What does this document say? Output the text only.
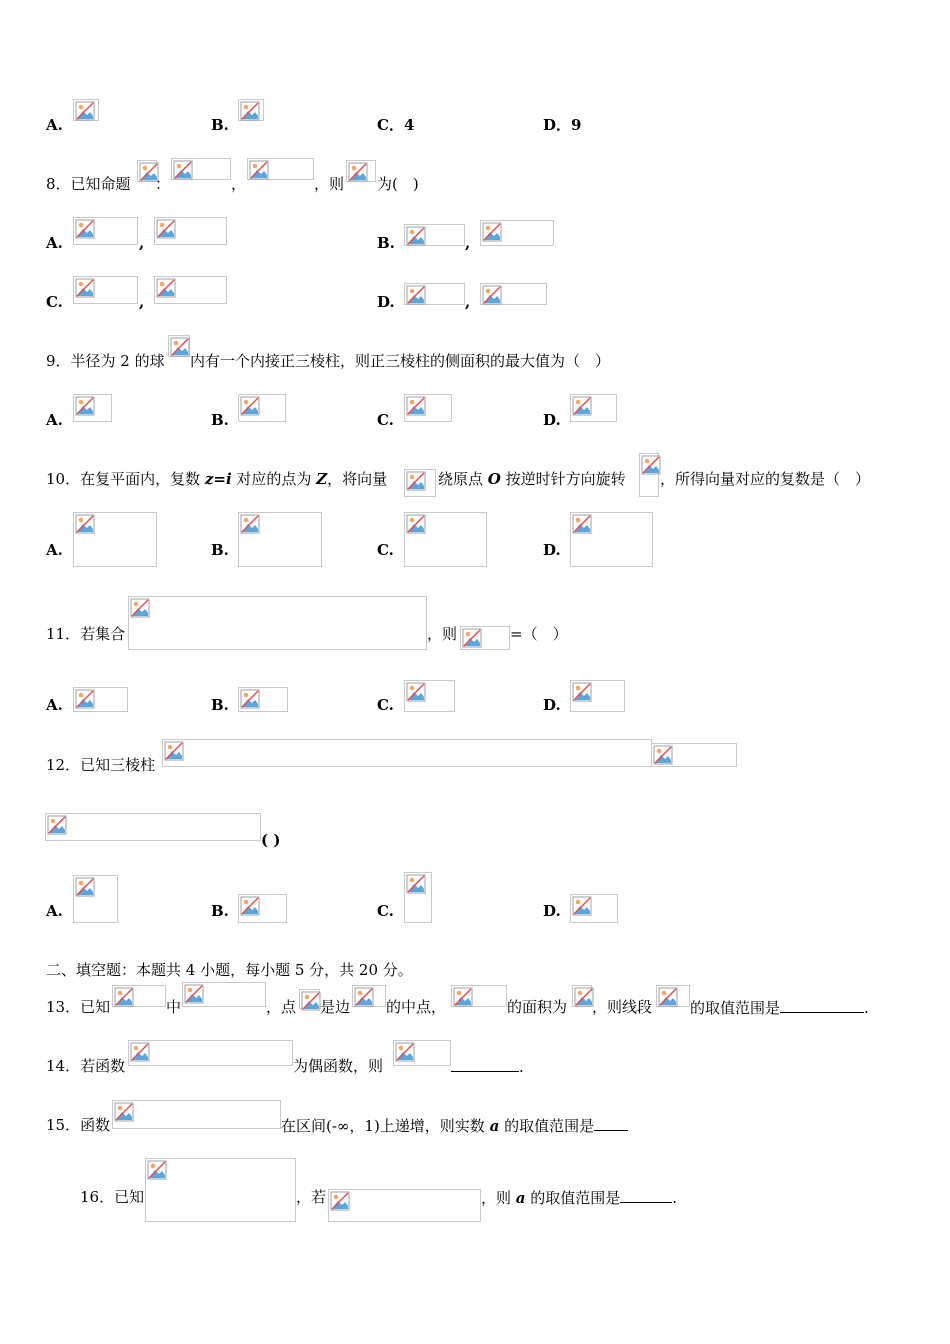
A.	B.	C．4	D．9
8．已知命题 ：	，	，则 为(　)
A.	,	B.	,
C.	,	D.	,
9．半径为 2 的球 内有一个内接正三棱柱，则正三棱柱的侧面积的最大值为（　）
A.	B.	C.	D.
10．在复平面内，复数 z=i 对应的点为 Z，将向量	绕原点 O 按逆时针方向旋转 ，所得向量对应的复数是（　）
A.	B.	C.	D.
11．若集合	，则	=（　）
A.	B.	C.	D.
12．已知三棱柱
( )
A.	B.	C.	D.
二、填空题：本题共 4 小题，每小题 5 分，共 20 分。
13．已知	中	，点 是边 的中点，	的面积为 ，则线段	的取值范围是	.
14．若函数	为偶函数，则	.
15．函数	在区间(-∞，1)上递增，则实数 a 的取值范围是
16．已知	，若	，则 a 的取值范围是	.
